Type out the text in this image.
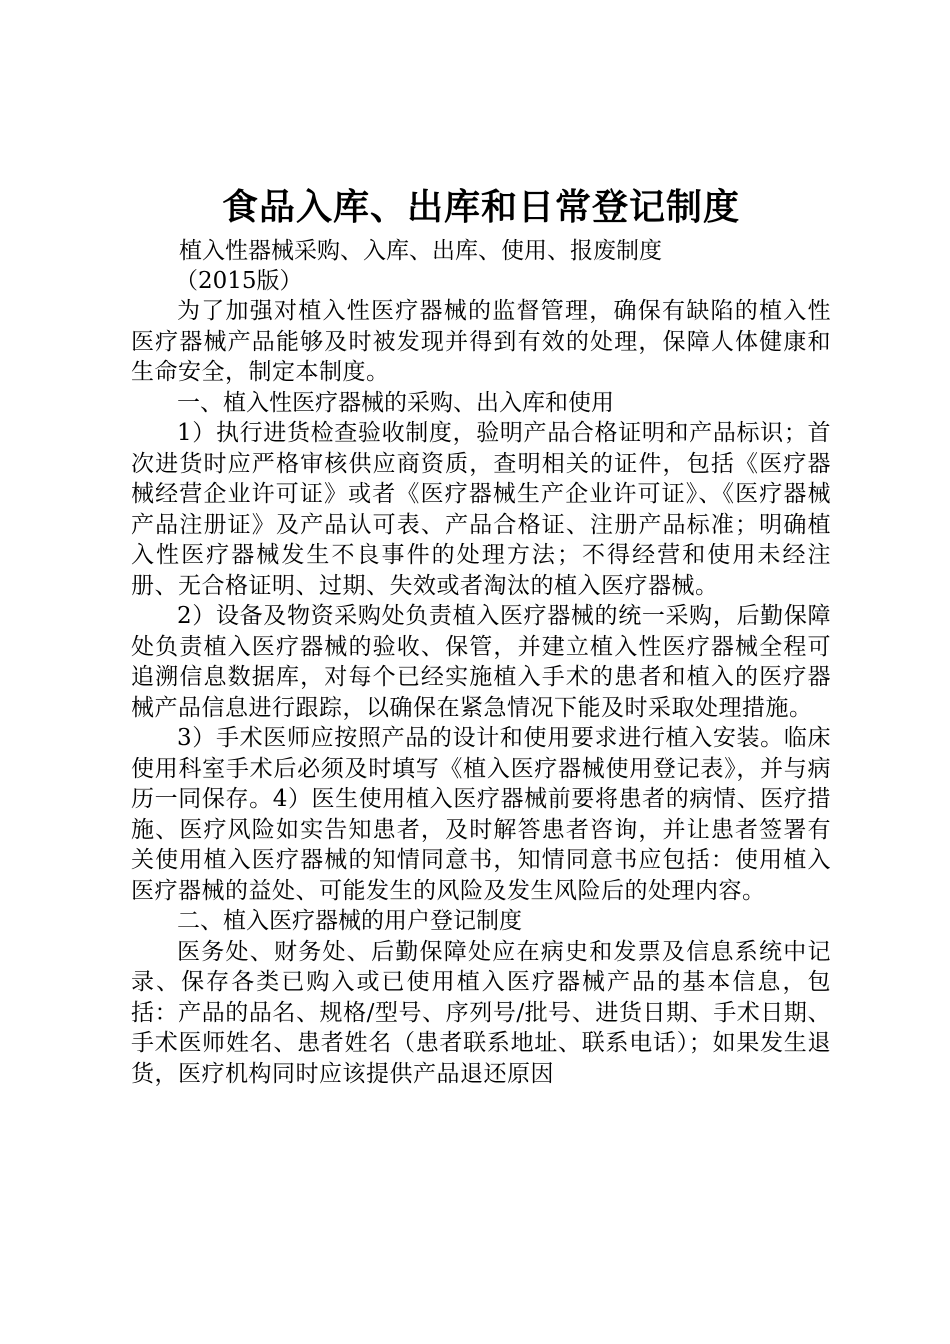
食品入库、出库和日常登记制度

植入性器械采购、入库、出库、使用、报废制度

（2015版）

为了加强对植入性医疗器械的监督管理，确保有缺陷的植入性医疗器械产品能够及时被发现并得到有效的处理，保障人体健康和生命安全，制定本制度。

一、植入性医疗器械的采购、出入库和使用

1）执行进货检查验收制度，验明产品合格证明和产品标识；首次进货时应严格审核供应商资质，查明相关的证件，包括《医疗器械经营企业许可证》或者《医疗器械生产企业许可证》、《医疗器械产品注册证》及产品认可表、产品合格证、注册产品标准；明确植入性医疗器械发生不良事件的处理方法；不得经营和使用未经注册、无合格证明、过期、失效或者淘汰的植入医疗器械。

2）设备及物资采购处负责植入医疗器械的统一采购，后勤保障处负责植入医疗器械的验收、保管，并建立植入性医疗器械全程可追溯信息数据库，对每个已经实施植入手术的患者和植入的医疗器械产品信息进行跟踪，以确保在紧急情况下能及时采取处理措施。

3）手术医师应按照产品的设计和使用要求进行植入安装。临床使用科室手术后必须及时填写《植入医疗器械使用登记表》，并与病历一同保存。4）医生使用植入医疗器械前要将患者的病情、医疗措施、医疗风险如实告知患者，及时解答患者咨询，并让患者签署有关使用植入医疗器械的知情同意书，知情同意书应包括：使用植入医疗器械的益处、可能发生的风险及发生风险后的处理内容。

二、植入医疗器械的用户登记制度

医务处、财务处、后勤保障处应在病史和发票及信息系统中记录、保存各类已购入或已使用植入医疗器械产品的基本信息，包括：产品的品名、规格/型号、序列号/批号、进货日期、手术日期、手术医师姓名、患者姓名（患者联系地址、联系电话）；如果发生退货，医疗机构同时应该提供产品退还原因
